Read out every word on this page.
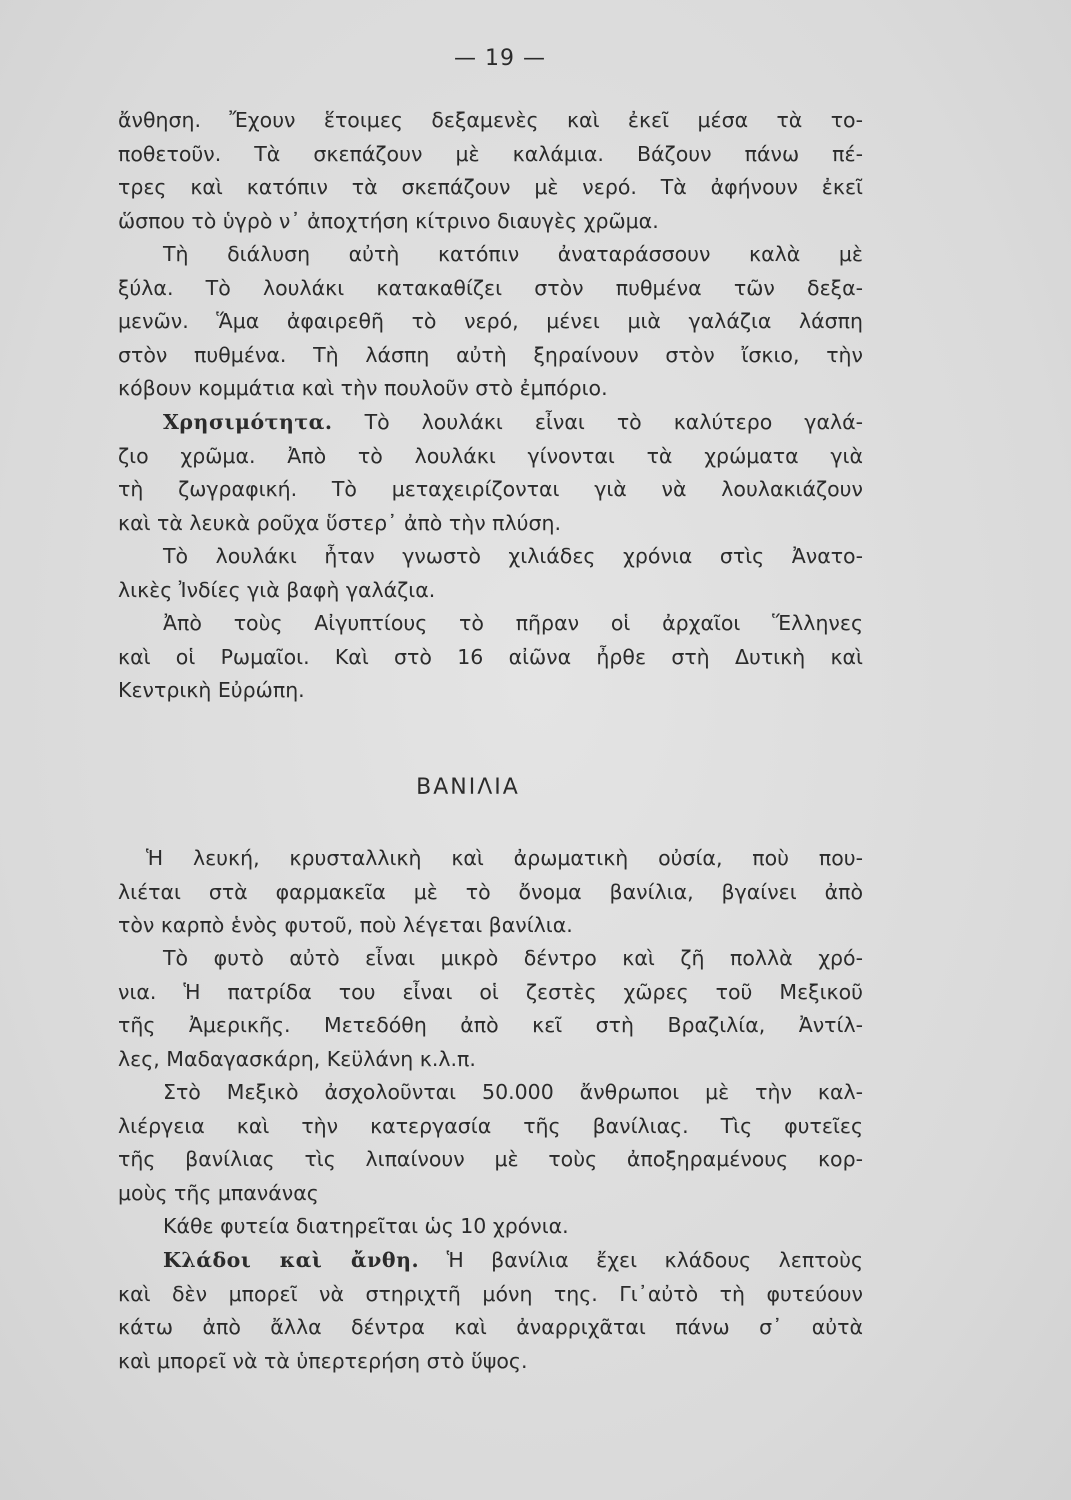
— 19 —
ἄνθηση. Ἔχουν ἕτοιμες δεξαμενὲς καὶ ἐκεῖ μέσα τὰ το-
ποθετοῦν. Τὰ σκεπάζουν μὲ καλάμια. Βάζουν πάνω πέ-
τρες καὶ κατόπιν τὰ σκεπάζουν μὲ νερό. Τὰ ἀφήνουν ἐκεῖ
ὥσπου τὸ ὑγρὸ ν᾽ ἀποχτήση κίτρινο διαυγὲς χρῶμα.
Τὴ διάλυση αὐτὴ κατόπιν ἀναταράσσουν καλὰ μὲ
ξύλα. Τὸ λουλάκι κατακαθίζει στὸν πυθμένα τῶν δεξα-
μενῶν. Ἅμα ἀφαιρεθῆ τὸ νερό, μένει μιὰ γαλάζια λάσπη
στὸν πυθμένα. Τὴ λάσπη αὐτὴ ξηραίνουν στὸν ἴσκιο, τὴν
κόβουν κομμάτια καὶ τὴν πουλοῦν στὸ ἐμπόριο.
Χρησιμότητα. Τὸ λουλάκι εἶναι τὸ καλύτερο γαλά-
ζιο χρῶμα. Ἀπὸ τὸ λουλάκι γίνονται τὰ χρώματα γιὰ
τὴ ζωγραφική. Τὸ μεταχειρίζονται γιὰ νὰ λουλακιάζουν
καὶ τὰ λευκὰ ροῦχα ὕστερ᾽ ἀπὸ τὴν πλύση.
Τὸ λουλάκι ἦταν γνωστὸ χιλιάδες χρόνια στὶς Ἀνατο-
λικὲς Ἰνδίες γιὰ βαφὴ γαλάζια.
Ἀπὸ τοὺς Αἰγυπτίους τὸ πῆραν οἱ ἀρχαῖοι Ἕλληνες
καὶ οἱ Ρωμαῖοι. Καὶ στὸ 16 αἰῶνα ἦρθε στὴ Δυτικὴ καὶ
Κεντρικὴ Εὐρώπη.
ΒΑΝΙΛΙΑ
Ἡ λευκή, κρυσταλλικὴ καὶ ἀρωματικὴ οὐσία, ποὺ που-
λιέται στὰ φαρμακεῖα μὲ τὸ ὄνομα βανίλια, βγαίνει ἀπὸ
τὸν καρπὸ ἑνὸς φυτοῦ, ποὺ λέγεται βανίλια.
Τὸ φυτὸ αὐτὸ εἶναι μικρὸ δέντρο καὶ ζῆ πολλὰ χρό-
νια. Ἡ πατρίδα του εἶναι οἱ ζεστὲς χῶρες τοῦ Μεξικοῦ
τῆς Ἀμερικῆς. Μετεδόθη ἀπὸ κεῖ στὴ Βραζιλία, Ἀντίλ-
λες, Μαδαγασκάρη, Κεϋλάνη κ.λ.π.
Στὸ Μεξικὸ ἀσχολοῦνται 50.000 ἄνθρωποι μὲ τὴν καλ-
λιέργεια καὶ τὴν κατεργασία τῆς βανίλιας. Τὶς φυτεῖες
τῆς βανίλιας τὶς λιπαίνουν μὲ τοὺς ἀποξηραμένους κορ-
μοὺς τῆς μπανάνας
Κάθε φυτεία διατηρεῖται ὡς 10 χρόνια.
Κλάδοι καὶ ἄνθη. Ἡ βανίλια ἔχει κλάδους λεπτοὺς
καὶ δὲν μπορεῖ νὰ στηριχτῆ μόνη της. Γι᾽αὐτὸ τὴ φυτεύουν
κάτω ἀπὸ ἄλλα δέντρα καὶ ἀναρριχᾶται πάνω σ᾽ αὐτὰ
καὶ μπορεῖ νὰ τὰ ὑπερτερήση στὸ ὕψος.
